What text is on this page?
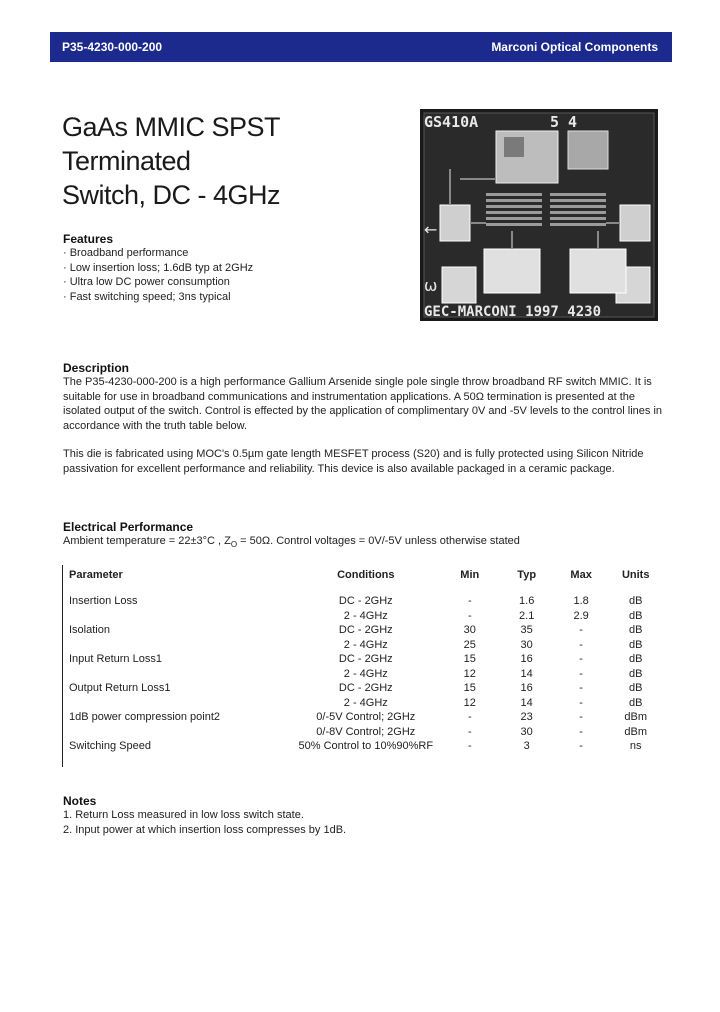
P35-4230-000-200	Marconi Optical Components
GaAs MMIC SPST Terminated
Switch, DC - 4GHz
GS410A	5 4
←
ω
GEC-MARCONI 1997 4230
Features
· Broadband performance
· Low insertion loss; 1.6dB typ at 2GHz
· Ultra low DC power consumption
· Fast switching speed; 3ns typical
Description

The P35-4230-000-200 is a high performance Gallium Arsenide single pole single throw broadband RF switch MMIC. It is suitable for use in broadband communications and instrumentation applications. A 50Ω termination is presented at the isolated output of the switch. Control is effected by the application of complimentary 0V and -5V levels to the control lines in accordance with the truth table below.

This die is fabricated using MOC's 0.5µm gate length MESFET process (S20) and is fully protected using Silicon Nitride passivation for excellent performance and reliability. This device is also available packaged in a ceramic package.

Electrical Performance
Ambient temperature = 22±3°C , $Z_O = 50\Omega$. Control voltages = 0V/-5V unless otherwise stated
Parameter	Conditions	Min	Typ	Max	Units

Insertion Loss	DC - 2GHz	-	1.6	1.8	dB
	2 - 4GHz	-	2.1	2.9	dB
Isolation	DC - 2GHz	30	35	-	dB
	2 - 4GHz	25	30	-	dB
Input Return Loss1	DC - 2GHz	15	16	-	dB
	2 - 4GHz	12	14	-	dB
Output Return Loss1	DC - 2GHz	15	16	-	dB
	2 - 4GHz	12	14	-	dB
1dB power compression point2	0/-5V Control; 2GHz	-	23	-	dBm
	0/-8V Control; 2GHz	-	30	-	dBm
Switching Speed	50% Control to 10%90%RF	-	3	-	ns
Notes
1. Return Loss measured in low loss switch state.
2. Input power at which insertion loss compresses by 1dB.
